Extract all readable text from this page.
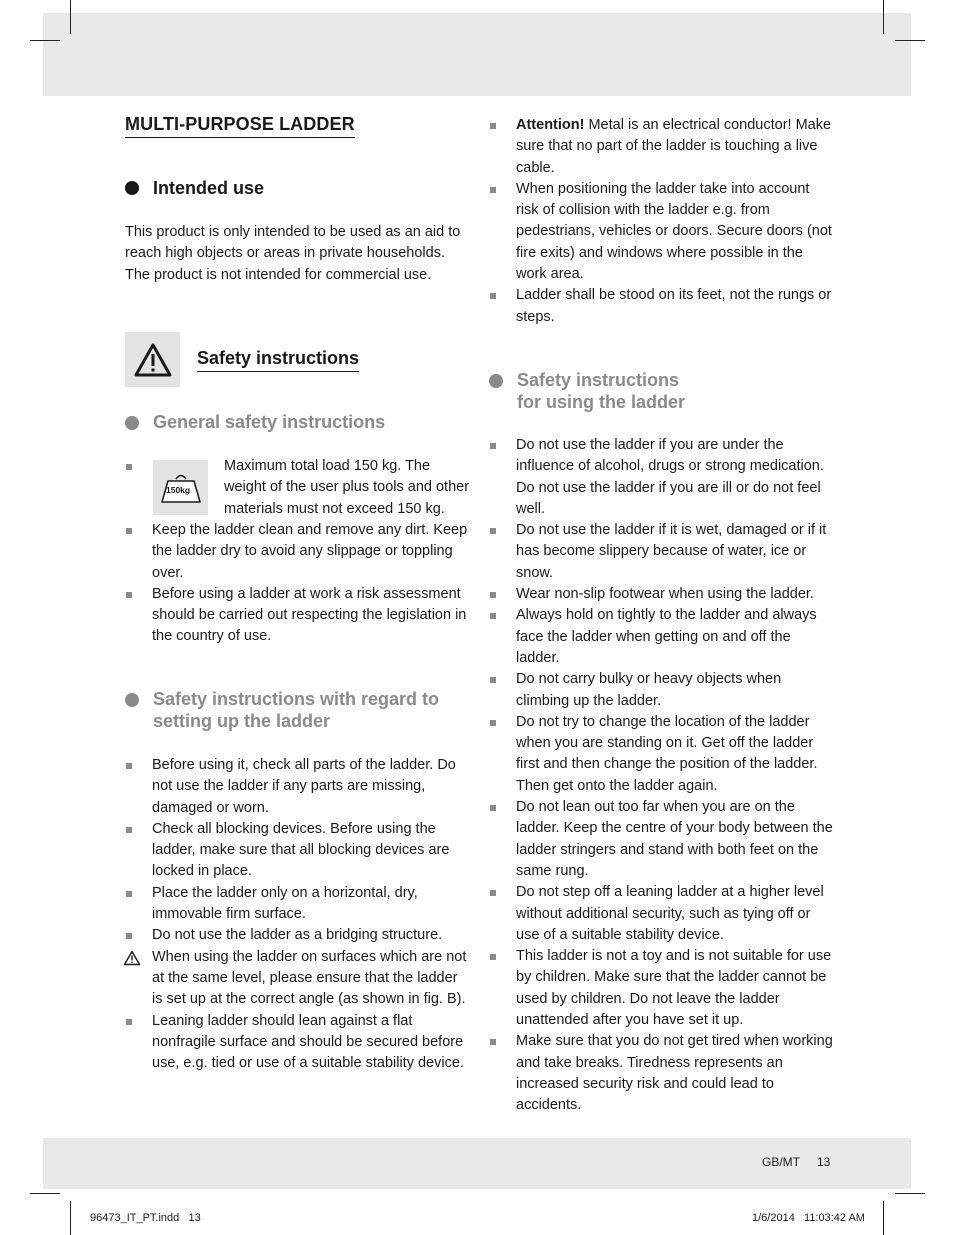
MULTI-PURPOSE LADDER
Intended use
This product is only intended to be used as an aid to reach high objects or areas in private households. The product is not intended for commercial use.
Safety instructions
General safety instructions
150kg
Maximum total load 150 kg. The weight of the user plus tools and other materials must not exceed 150 kg.
Keep the ladder clean and remove any dirt. Keep the ladder dry to avoid any slippage or toppling over.
Before using a ladder at work a risk assessment should be carried out respecting the legislation in the country of use.
Safety instructions with regard to setting up the ladder
Before using it, check all parts of the ladder. Do not use the ladder if any parts are missing, damaged or worn.
Check all blocking devices. Before using the ladder, make sure that all blocking devices are locked in place.
Place the ladder only on a horizontal, dry, immovable firm surface.
Do not use the ladder as a bridging structure.
When using the ladder on surfaces which are not at the same level, please ensure that the ladder is set up at the correct angle (as shown in fig. B).
Leaning ladder should lean against a flat nonfragile surface and should be secured before use, e.g. tied or use of a suitable stability device.
Attention! Metal is an electrical conductor! Make sure that no part of the ladder is touching a live cable.
When positioning the ladder take into account risk of collision with the ladder e.g. from pedestrians, vehicles or doors. Secure doors (not fire exits) and windows where possible in the work area.
Ladder shall be stood on its feet, not the rungs or steps.
Safety instructions
for using the ladder
Do not use the ladder if you are under the influence of alcohol, drugs or strong medication. Do not use the ladder if you are ill or do not feel well.
Do not use the ladder if it is wet, damaged or if it has become slippery because of water, ice or snow.
Wear non-slip footwear when using the ladder.
Always hold on tightly to the ladder and always face the ladder when getting on and off the ladder.
Do not carry bulky or heavy objects when climbing up the ladder.
Do not try to change the location of the ladder when you are standing on it. Get off the ladder first and then change the position of the ladder. Then get onto the ladder again.
Do not lean out too far when you are on the ladder. Keep the centre of your body between the ladder stringers and stand with both feet on the same rung.
Do not step off a leaning ladder at a higher level without additional security, such as tying off or use of a suitable stability device.
This ladder is not a toy and is not suitable for use by children. Make sure that the ladder cannot be used by children. Do not leave the ladder unattended after you have set it up.
Make sure that you do not get tired when working and take breaks. Tiredness represents an increased security risk and could lead to accidents.
GB/MT 13
96473_IT_PT.indd   13	1/6/2014   11:03:42 AM
